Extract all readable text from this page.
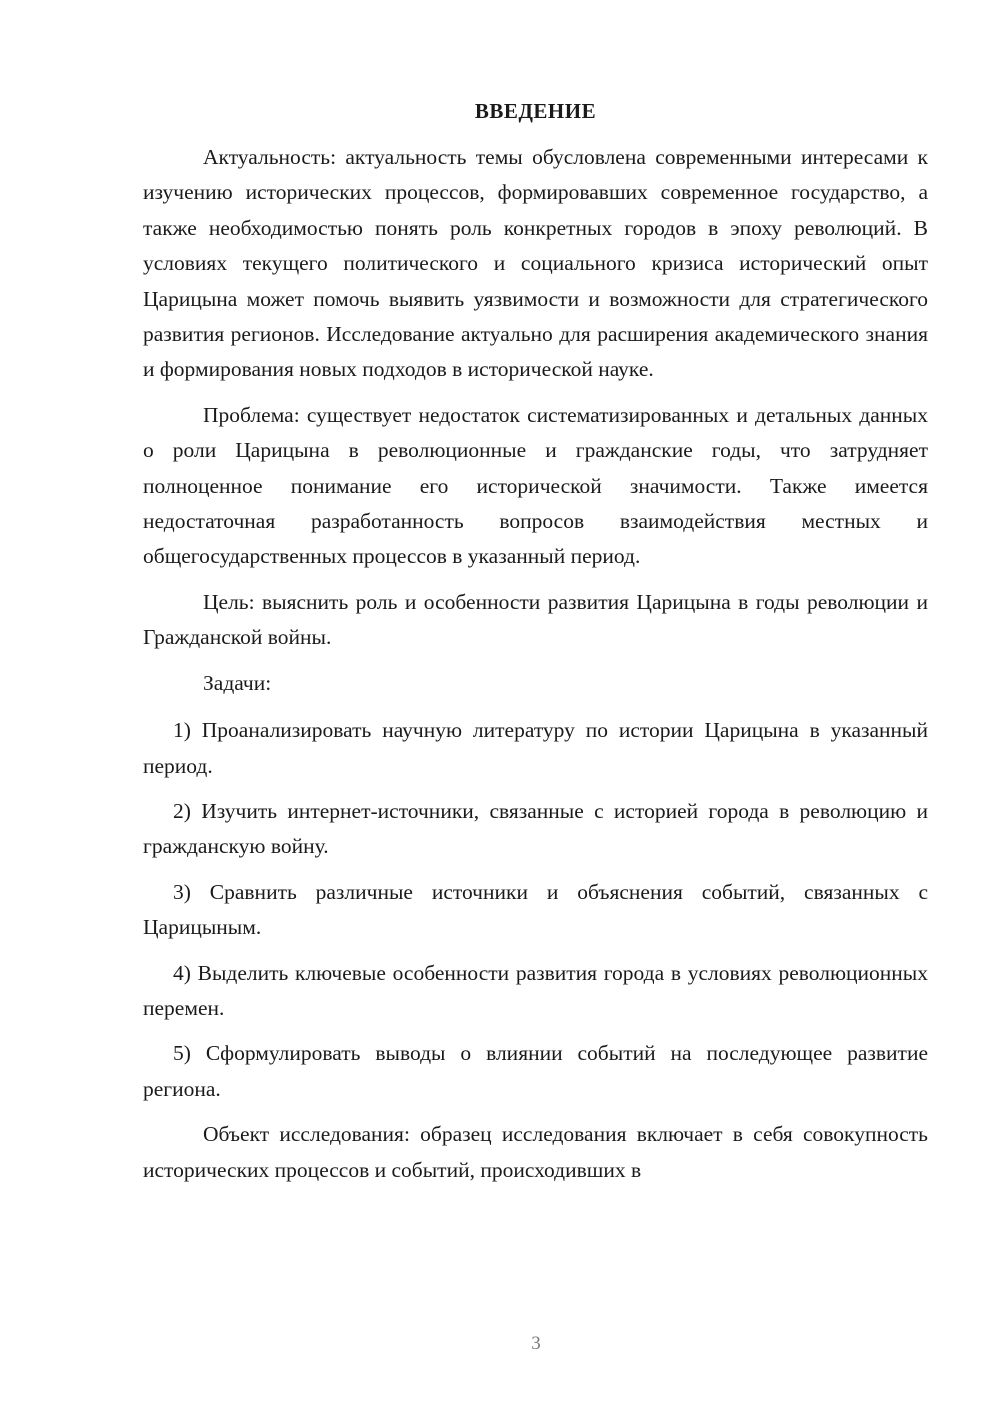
ВВЕДЕНИЕ

Актуальность: актуальность темы обусловлена современными интересами к изучению исторических процессов, формировавших современное государство, а также необходимостью понять роль конкретных городов в эпоху революций. В условиях текущего политического и социального кризиса исторический опыт Царицына может помочь выявить уязвимости и возможности для стратегического развития регионов. Исследование актуально для расширения академического знания и формирования новых подходов в исторической науке.

Проблема: существует недостаток систематизированных и детальных данных о роли Царицына в революционные и гражданские годы, что затрудняет полноценное понимание его исторической значимости. Также имеется недостаточная разработанность вопросов взаимодействия местных и общегосударственных процессов в указанный период.

Цель: выяснить роль и особенности развития Царицына в годы революции и Гражданской войны.

Задачи:

1) Проанализировать научную литературу по истории Царицына в указанный период.

2) Изучить интернет-источники, связанные с историей города в революцию и гражданскую войну.

3) Сравнить различные источники и объяснения событий, связанных с Царицыным.

4) Выделить ключевые особенности развития города в условиях революционных перемен.

5) Сформулировать выводы о влиянии событий на последующее развитие региона.

Объект исследования: образец исследования включает в себя совокупность исторических процессов и событий, происходивших в

3
